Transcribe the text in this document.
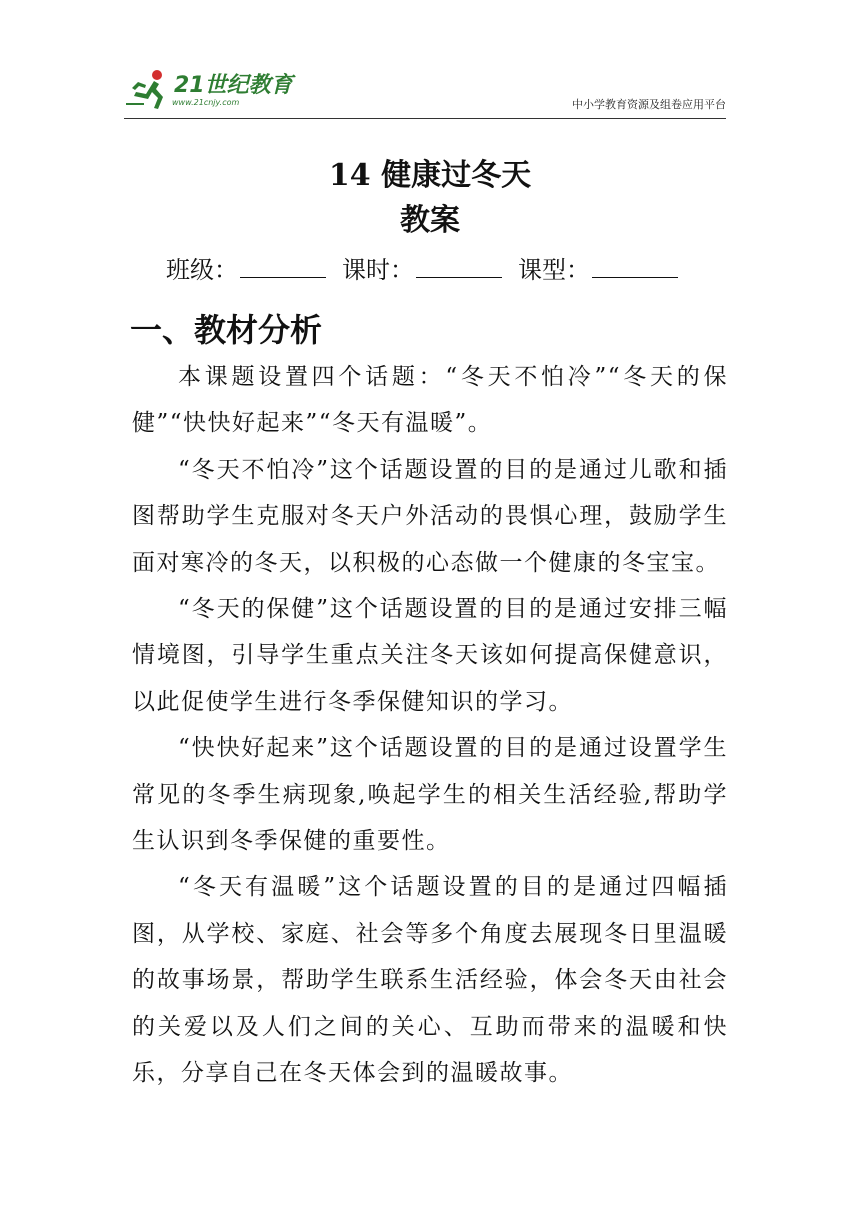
21世纪教育
www.21cnjy.com	中小学教育资源及组卷应用平台
14 健康过冬天
教案
班级：	课时：	课型：
一、教材分析

本课题设置四个话题：“冬天不怕冷”“冬天的保健”“快快好起来”“冬天有温暖”。

“冬天不怕冷”这个话题设置的目的是通过儿歌和插图帮助学生克服对冬天户外活动的畏惧心理，鼓励学生面对寒冷的冬天，以积极的心态做一个健康的冬宝宝。

“冬天的保健”这个话题设置的目的是通过安排三幅情境图，引导学生重点关注冬天该如何提高保健意识，以此促使学生进行冬季保健知识的学习。

“快快好起来”这个话题设置的目的是通过设置学生常见的冬季生病现象,唤起学生的相关生活经验,帮助学生认识到冬季保健的重要性。

“冬天有温暖”这个话题设置的目的是通过四幅插图，从学校、家庭、社会等多个角度去展现冬日里温暖的故事场景，帮助学生联系生活经验，体会冬天由社会的关爱以及人们之间的关心、互助而带来的温暖和快乐，分享自己在冬天体会到的温暖故事。
